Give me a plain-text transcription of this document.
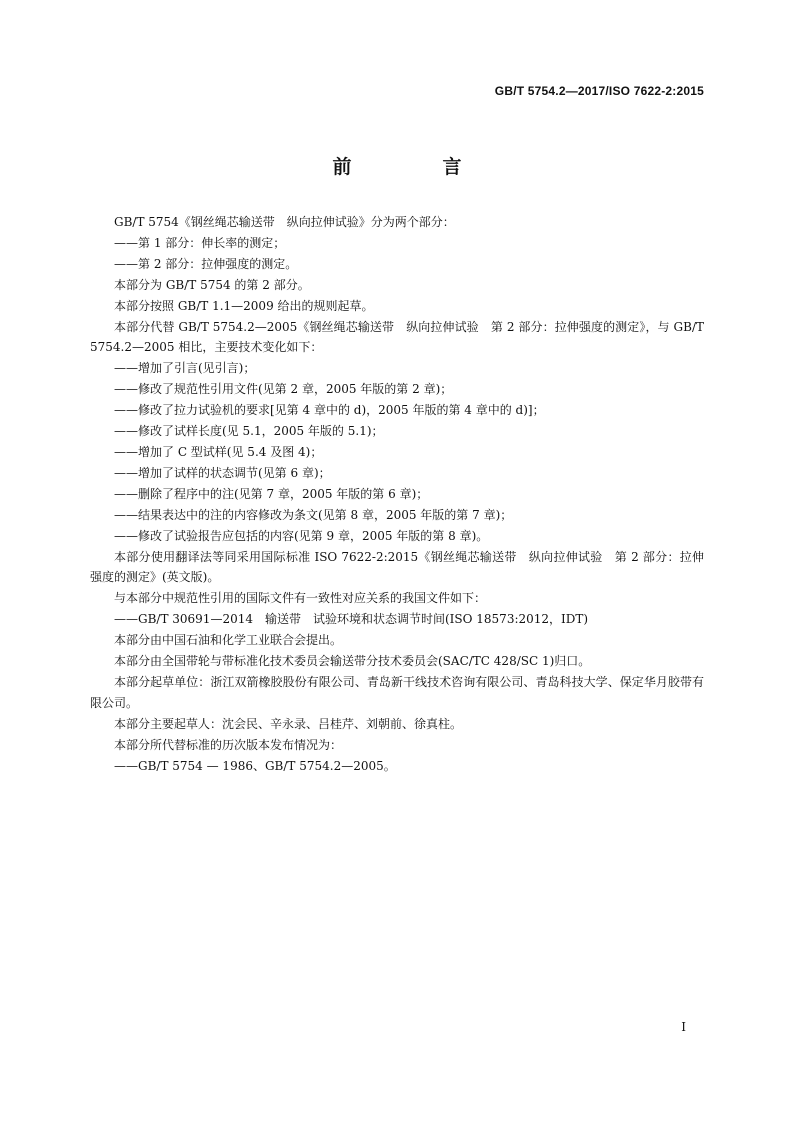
GB/T 5754.2—2017/ISO 7622-2:2015
前　言

GB/T 5754《钢丝绳芯输送带　纵向拉伸试验》分为两个部分：

——第 1 部分：伸长率的测定；

——第 2 部分：拉伸强度的测定。

本部分为 GB/T 5754 的第 2 部分。

本部分按照 GB/T 1.1—2009 给出的规则起草。

本部分代替 GB/T 5754.2—2005《钢丝绳芯输送带　纵向拉伸试验　第 2 部分：拉伸强度的测定》，与 GB/T 5754.2—2005 相比，主要技术变化如下：

——增加了引言(见引言)；

——修改了规范性引用文件(见第 2 章，2005 年版的第 2 章)；

——修改了拉力试验机的要求[见第 4 章中的 d)，2005 年版的第 4 章中的 d)]；

——修改了试样长度(见 5.1，2005 年版的 5.1)；

——增加了 C 型试样(见 5.4 及图 4)；

——增加了试样的状态调节(见第 6 章)；

——删除了程序中的注(见第 7 章，2005 年版的第 6 章)；

——结果表达中的注的内容修改为条文(见第 8 章，2005 年版的第 7 章)；

——修改了试验报告应包括的内容(见第 9 章，2005 年版的第 8 章)。

本部分使用翻译法等同采用国际标准 ISO 7622-2:2015《钢丝绳芯输送带　纵向拉伸试验　第 2 部分：拉伸强度的测定》(英文版)。

与本部分中规范性引用的国际文件有一致性对应关系的我国文件如下：

——GB/T 30691—2014　输送带　试验环境和状态调节时间(ISO 18573:2012，IDT)

本部分由中国石油和化学工业联合会提出。

本部分由全国带轮与带标准化技术委员会输送带分技术委员会(SAC/TC 428/SC 1)归口。

本部分起草单位：浙江双箭橡胶股份有限公司、青岛新干线技术咨询有限公司、青岛科技大学、保定华月胶带有限公司。

本部分主要起草人：沈会民、辛永录、吕桂芹、刘朝前、徐真柱。

本部分所代替标准的历次版本发布情况为：

——GB/T 5754 — 1986、GB/T 5754.2—2005。

I
